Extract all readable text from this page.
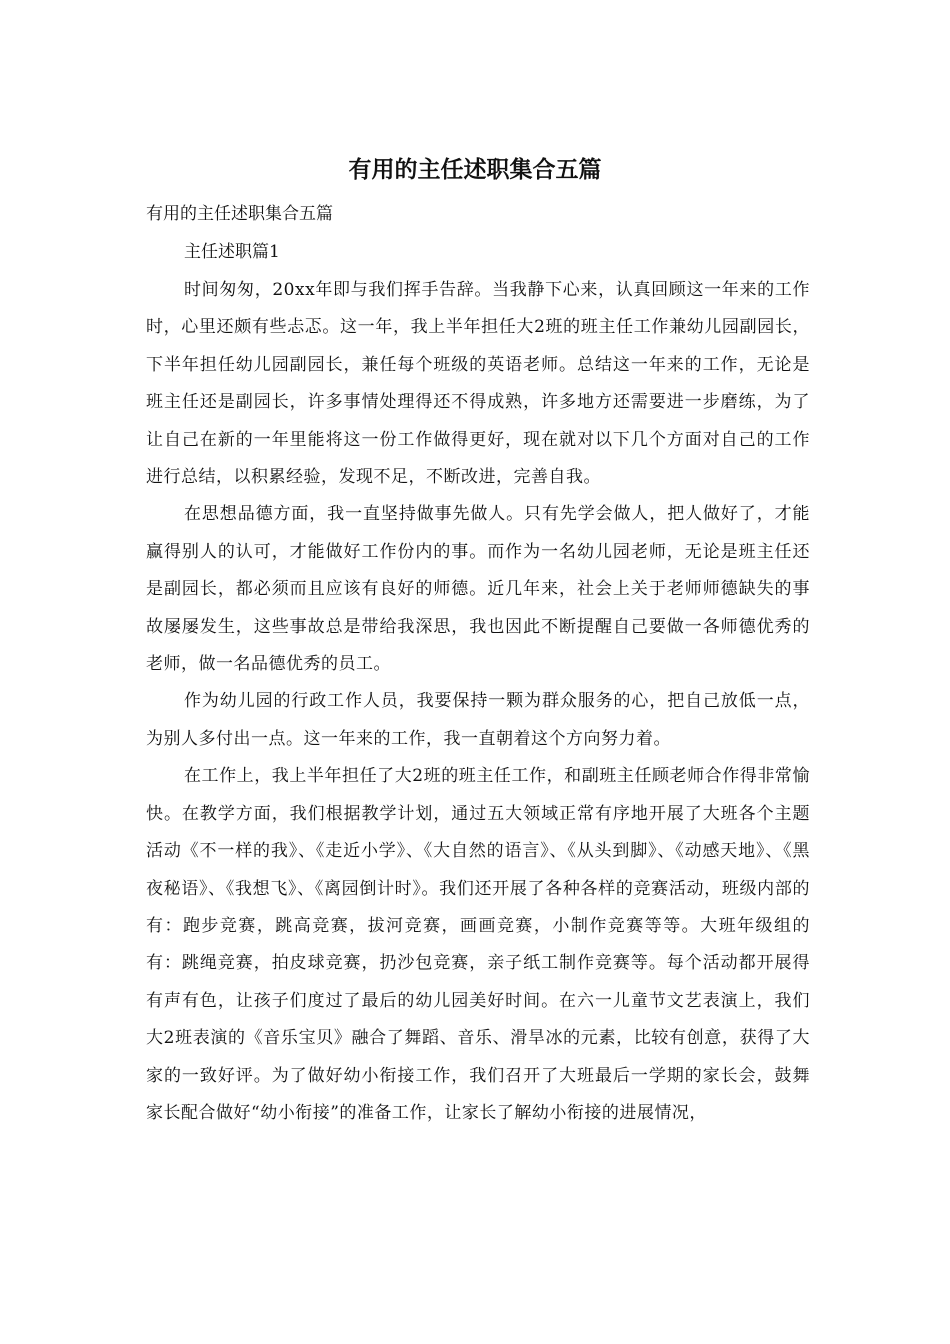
有用的主任述职集合五篇

有用的主任述职集合五篇

主任述职篇1

时间匆匆，20xx年即与我们挥手告辞。当我静下心来，认真回顾这一年来的工作时，心里还颇有些忐忑。这一年，我上半年担任大2班的班主任工作兼幼儿园副园长，下半年担任幼儿园副园长，兼任每个班级的英语老师。总结这一年来的工作，无论是班主任还是副园长，许多事情处理得还不得成熟，许多地方还需要进一步磨练，为了让自己在新的一年里能将这一份工作做得更好，现在就对以下几个方面对自己的工作进行总结，以积累经验，发现不足，不断改进，完善自我。

在思想品德方面，我一直坚持做事先做人。只有先学会做人，把人做好了，才能赢得别人的认可，才能做好工作份内的事。而作为一名幼儿园老师，无论是班主任还是副园长，都必须而且应该有良好的师德。近几年来，社会上关于老师师德缺失的事故屡屡发生，这些事故总是带给我深思，我也因此不断提醒自己要做一各师德优秀的老师，做一名品德优秀的员工。

作为幼儿园的行政工作人员，我要保持一颗为群众服务的心，把自己放低一点，为别人多付出一点。这一年来的工作，我一直朝着这个方向努力着。

在工作上，我上半年担任了大2班的班主任工作，和副班主任顾老师合作得非常愉快。在教学方面，我们根据教学计划，通过五大领域正常有序地开展了大班各个主题活动《不一样的我》、《走近小学》、《大自然的语言》、《从头到脚》、《动感天地》、《黑夜秘语》、《我想飞》、《离园倒计时》。我们还开展了各种各样的竞赛活动，班级内部的有：跑步竞赛，跳高竞赛，拔河竞赛，画画竞赛，小制作竞赛等等。大班年级组的有：跳绳竞赛，拍皮球竞赛，扔沙包竞赛，亲子纸工制作竞赛等。每个活动都开展得有声有色，让孩子们度过了最后的幼儿园美好时间。在六一儿童节文艺表演上，我们大2班表演的《音乐宝贝》融合了舞蹈、音乐、滑旱冰的元素，比较有创意，获得了大家的一致好评。为了做好幼小衔接工作，我们召开了大班最后一学期的家长会，鼓舞家长配合做好“幼小衔接”的准备工作，让家长了解幼小衔接的进展情况，
